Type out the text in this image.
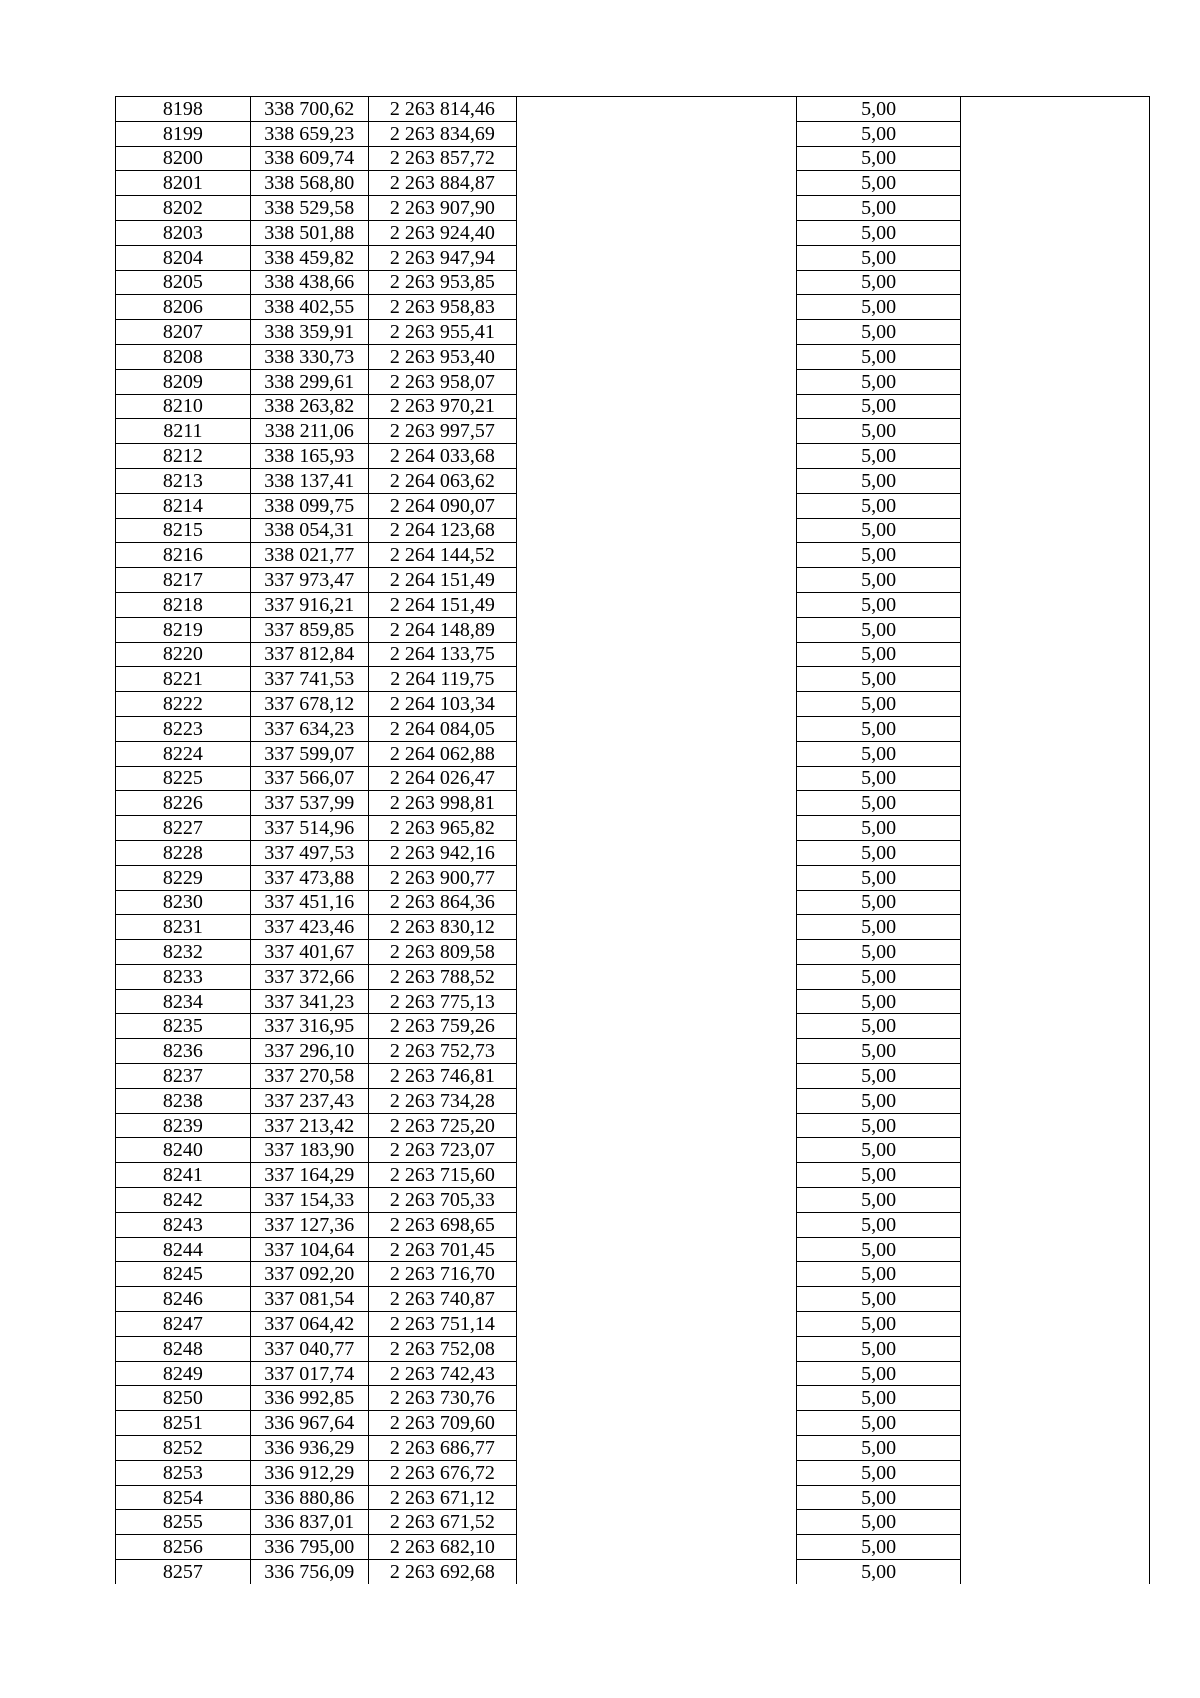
8198	338 700,62	2 263 814,46		5,00	
8199	338 659,23	2 263 834,69		5,00	
8200	338 609,74	2 263 857,72		5,00	
8201	338 568,80	2 263 884,87		5,00	
8202	338 529,58	2 263 907,90		5,00	
8203	338 501,88	2 263 924,40		5,00	
8204	338 459,82	2 263 947,94		5,00	
8205	338 438,66	2 263 953,85		5,00	
8206	338 402,55	2 263 958,83		5,00	
8207	338 359,91	2 263 955,41		5,00	
8208	338 330,73	2 263 953,40		5,00	
8209	338 299,61	2 263 958,07		5,00	
8210	338 263,82	2 263 970,21		5,00	
8211	338 211,06	2 263 997,57		5,00	
8212	338 165,93	2 264 033,68		5,00	
8213	338 137,41	2 264 063,62		5,00	
8214	338 099,75	2 264 090,07		5,00	
8215	338 054,31	2 264 123,68		5,00	
8216	338 021,77	2 264 144,52		5,00	
8217	337 973,47	2 264 151,49		5,00	
8218	337 916,21	2 264 151,49		5,00	
8219	337 859,85	2 264 148,89		5,00	
8220	337 812,84	2 264 133,75		5,00	
8221	337 741,53	2 264 119,75		5,00	
8222	337 678,12	2 264 103,34		5,00	
8223	337 634,23	2 264 084,05		5,00	
8224	337 599,07	2 264 062,88		5,00	
8225	337 566,07	2 264 026,47		5,00	
8226	337 537,99	2 263 998,81		5,00	
8227	337 514,96	2 263 965,82		5,00	
8228	337 497,53	2 263 942,16		5,00	
8229	337 473,88	2 263 900,77		5,00	
8230	337 451,16	2 263 864,36		5,00	
8231	337 423,46	2 263 830,12		5,00	
8232	337 401,67	2 263 809,58		5,00	
8233	337 372,66	2 263 788,52		5,00	
8234	337 341,23	2 263 775,13		5,00	
8235	337 316,95	2 263 759,26		5,00	
8236	337 296,10	2 263 752,73		5,00	
8237	337 270,58	2 263 746,81		5,00	
8238	337 237,43	2 263 734,28		5,00	
8239	337 213,42	2 263 725,20		5,00	
8240	337 183,90	2 263 723,07		5,00	
8241	337 164,29	2 263 715,60		5,00	
8242	337 154,33	2 263 705,33		5,00	
8243	337 127,36	2 263 698,65		5,00	
8244	337 104,64	2 263 701,45		5,00	
8245	337 092,20	2 263 716,70		5,00	
8246	337 081,54	2 263 740,87		5,00	
8247	337 064,42	2 263 751,14		5,00	
8248	337 040,77	2 263 752,08		5,00	
8249	337 017,74	2 263 742,43		5,00	
8250	336 992,85	2 263 730,76		5,00	
8251	336 967,64	2 263 709,60		5,00	
8252	336 936,29	2 263 686,77		5,00	
8253	336 912,29	2 263 676,72		5,00	
8254	336 880,86	2 263 671,12		5,00	
8255	336 837,01	2 263 671,52		5,00	
8256	336 795,00	2 263 682,10		5,00	
8257	336 756,09	2 263 692,68		5,00	
